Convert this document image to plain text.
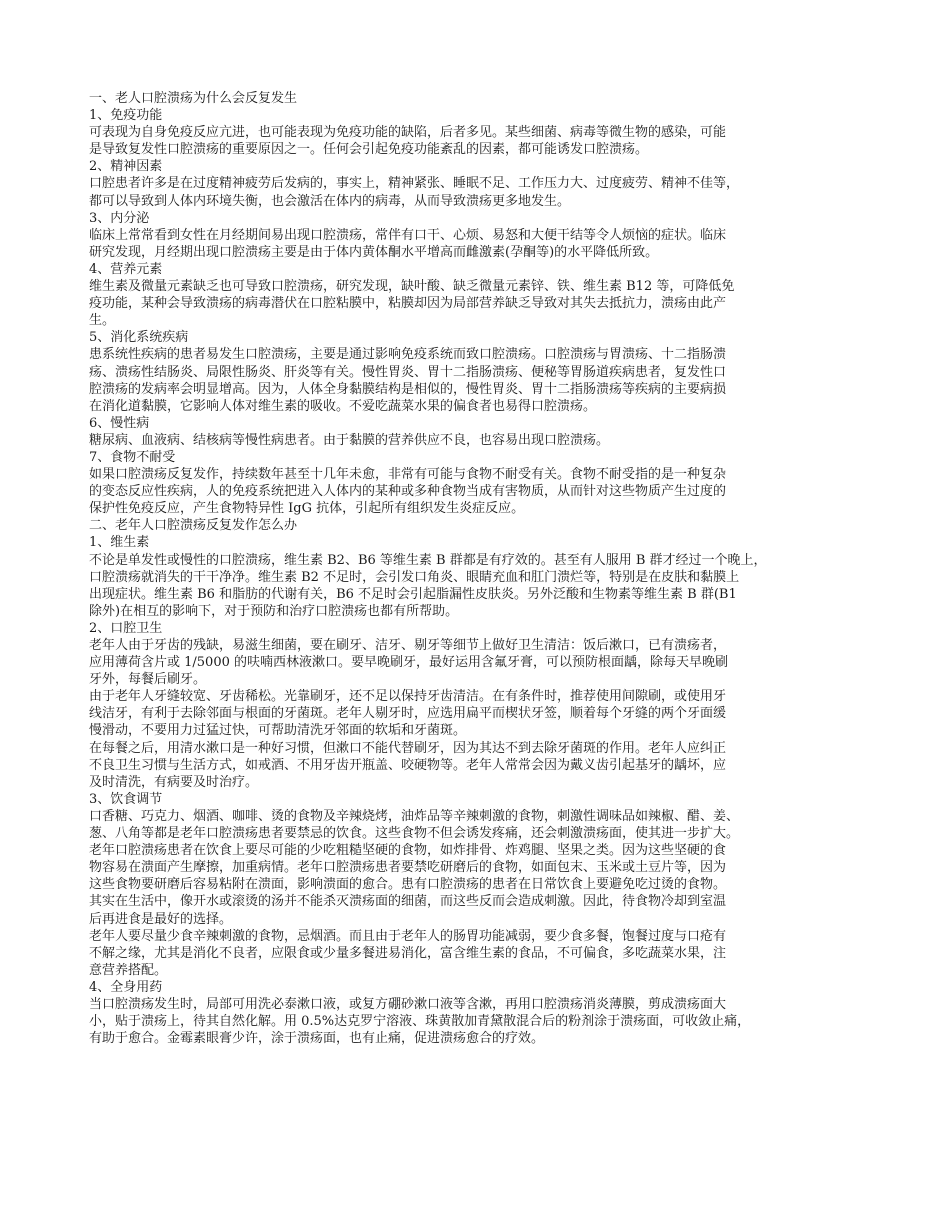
一、老人口腔溃疡为什么会反复发生
1、免疫功能
可表现为自身免疫反应亢进，也可能表现为免疫功能的缺陷，后者多见。某些细菌、病毒等微生物的感染，可能
是导致复发性口腔溃疡的重要原因之一。任何会引起免疫功能紊乱的因素，都可能诱发口腔溃疡。
2、精神因素
口腔患者许多是在过度精神疲劳后发病的，事实上，精神紧张、睡眠不足、工作压力大、过度疲劳、精神不佳等，
都可以导致到人体内环境失衡，也会激活在体内的病毒，从而导致溃疡更多地发生。
3、内分泌
临床上常常看到女性在月经期间易出现口腔溃疡，常伴有口干、心烦、易怒和大便干结等令人烦恼的症状。临床
研究发现，月经期出现口腔溃疡主要是由于体内黄体酮水平增高而雌激素(孕酮等)的水平降低所致。
4、营养元素
维生素及微量元素缺乏也可导致口腔溃疡，研究发现，缺叶酸、缺乏微量元素锌、铁、维生素 B12 等，可降低免
疫功能，某种会导致溃疡的病毒潜伏在口腔粘膜中，粘膜却因为局部营养缺乏导致对其失去抵抗力，溃疡由此产
生。
5、消化系统疾病
患系统性疾病的患者易发生口腔溃疡，主要是通过影响免疫系统而致口腔溃疡。口腔溃疡与胃溃疡、十二指肠溃
疡、溃疡性结肠炎、局限性肠炎、肝炎等有关。慢性胃炎、胃十二指肠溃疡、便秘等胃肠道疾病患者，复发性口
腔溃疡的发病率会明显增高。因为，人体全身黏膜结构是相似的，慢性胃炎、胃十二指肠溃疡等疾病的主要病损
在消化道黏膜，它影响人体对维生素的吸收。不爱吃蔬菜水果的偏食者也易得口腔溃疡。
6、慢性病
糖尿病、血液病、结核病等慢性病患者。由于黏膜的营养供应不良，也容易出现口腔溃疡。
7、食物不耐受
如果口腔溃疡反复发作，持续数年甚至十几年未愈，非常有可能与食物不耐受有关。食物不耐受指的是一种复杂
的变态反应性疾病，人的免疫系统把进入人体内的某种或多种食物当成有害物质，从而针对这些物质产生过度的
保护性免疫反应，产生食物特异性 IgG 抗体，引起所有组织发生炎症反应。
二、老年人口腔溃疡反复发作怎么办
1、维生素
不论是单发性或慢性的口腔溃疡，维生素 B2、B6 等维生素 B 群都是有疗效的。甚至有人服用 B 群才经过一个晚上，
口腔溃疡就消失的干干净净。维生素 B2 不足时，会引发口角炎、眼睛充血和肛门溃烂等，特别是在皮肤和黏膜上
出现症状。维生素 B6 和脂肪的代谢有关，B6 不足时会引起脂漏性皮肤炎。另外泛酸和生物素等维生素 B 群(B1
除外)在相互的影响下，对于预防和治疗口腔溃疡也都有所帮助。
2、口腔卫生
老年人由于牙齿的残缺，易滋生细菌，要在刷牙、洁牙、剔牙等细节上做好卫生清洁：饭后漱口，已有溃疡者，
应用薄荷含片或 1/5000 的呋喃西林液漱口。要早晚刷牙，最好运用含氟牙膏，可以预防根面龋，除每天早晚刷
牙外，每餐后刷牙。
由于老年人牙缝较宽、牙齿稀松。光靠刷牙，还不足以保持牙齿清洁。在有条件时，推荐使用间隙刷，或使用牙
线洁牙，有利于去除邻面与根面的牙菌斑。老年人剔牙时，应选用扁平而楔状牙签，顺着每个牙缝的两个牙面缓
慢滑动，不要用力过猛过快，可帮助清洗牙邻面的软垢和牙菌斑。
在每餐之后，用清水漱口是一种好习惯，但漱口不能代替刷牙，因为其达不到去除牙菌斑的作用。老年人应纠正
不良卫生习惯与生活方式，如戒酒、不用牙齿开瓶盖、咬硬物等。老年人常常会因为戴义齿引起基牙的龋坏，应
及时清洗，有病要及时治疗。
3、饮食调节
口香糖、巧克力、烟酒、咖啡、烫的食物及辛辣烧烤，油炸品等辛辣刺激的食物，刺激性调味品如辣椒、醋、姜、
葱、八角等都是老年口腔溃疡患者要禁忌的饮食。这些食物不但会诱发疼痛，还会刺激溃疡面，使其进一步扩大。
老年口腔溃疡患者在饮食上要尽可能的少吃粗糙坚硬的食物，如炸排骨、炸鸡腿、坚果之类。因为这些坚硬的食
物容易在溃面产生摩擦，加重病情。老年口腔溃疡患者要禁吃研磨后的食物，如面包末、玉米或土豆片等，因为
这些食物要研磨后容易粘附在溃面，影响溃面的愈合。患有口腔溃疡的患者在日常饮食上要避免吃过烫的食物。
其实在生活中，像开水或滚烫的汤并不能杀灭溃疡面的细菌，而这些反而会造成刺激。因此，待食物冷却到室温
后再进食是最好的选择。
老年人要尽量少食辛辣刺激的食物，忌烟酒。而且由于老年人的肠胃功能减弱，要少食多餐，饱餐过度与口疮有
不解之缘，尤其是消化不良者，应限食或少量多餐进易消化，富含维生素的食品，不可偏食，多吃蔬菜水果，注
意营养搭配。
4、全身用药
当口腔溃疡发生时，局部可用洗必泰漱口液，或复方硼砂漱口液等含漱，再用口腔溃疡消炎薄膜，剪成溃疡面大
小，贴于溃疡上，待其自然化解。用 0.5%达克罗宁溶液、珠黄散加青黛散混合后的粉剂涂于溃疡面，可收敛止痛，
有助于愈合。金霉素眼膏少许，涂于溃疡面，也有止痛，促进溃疡愈合的疗效。
